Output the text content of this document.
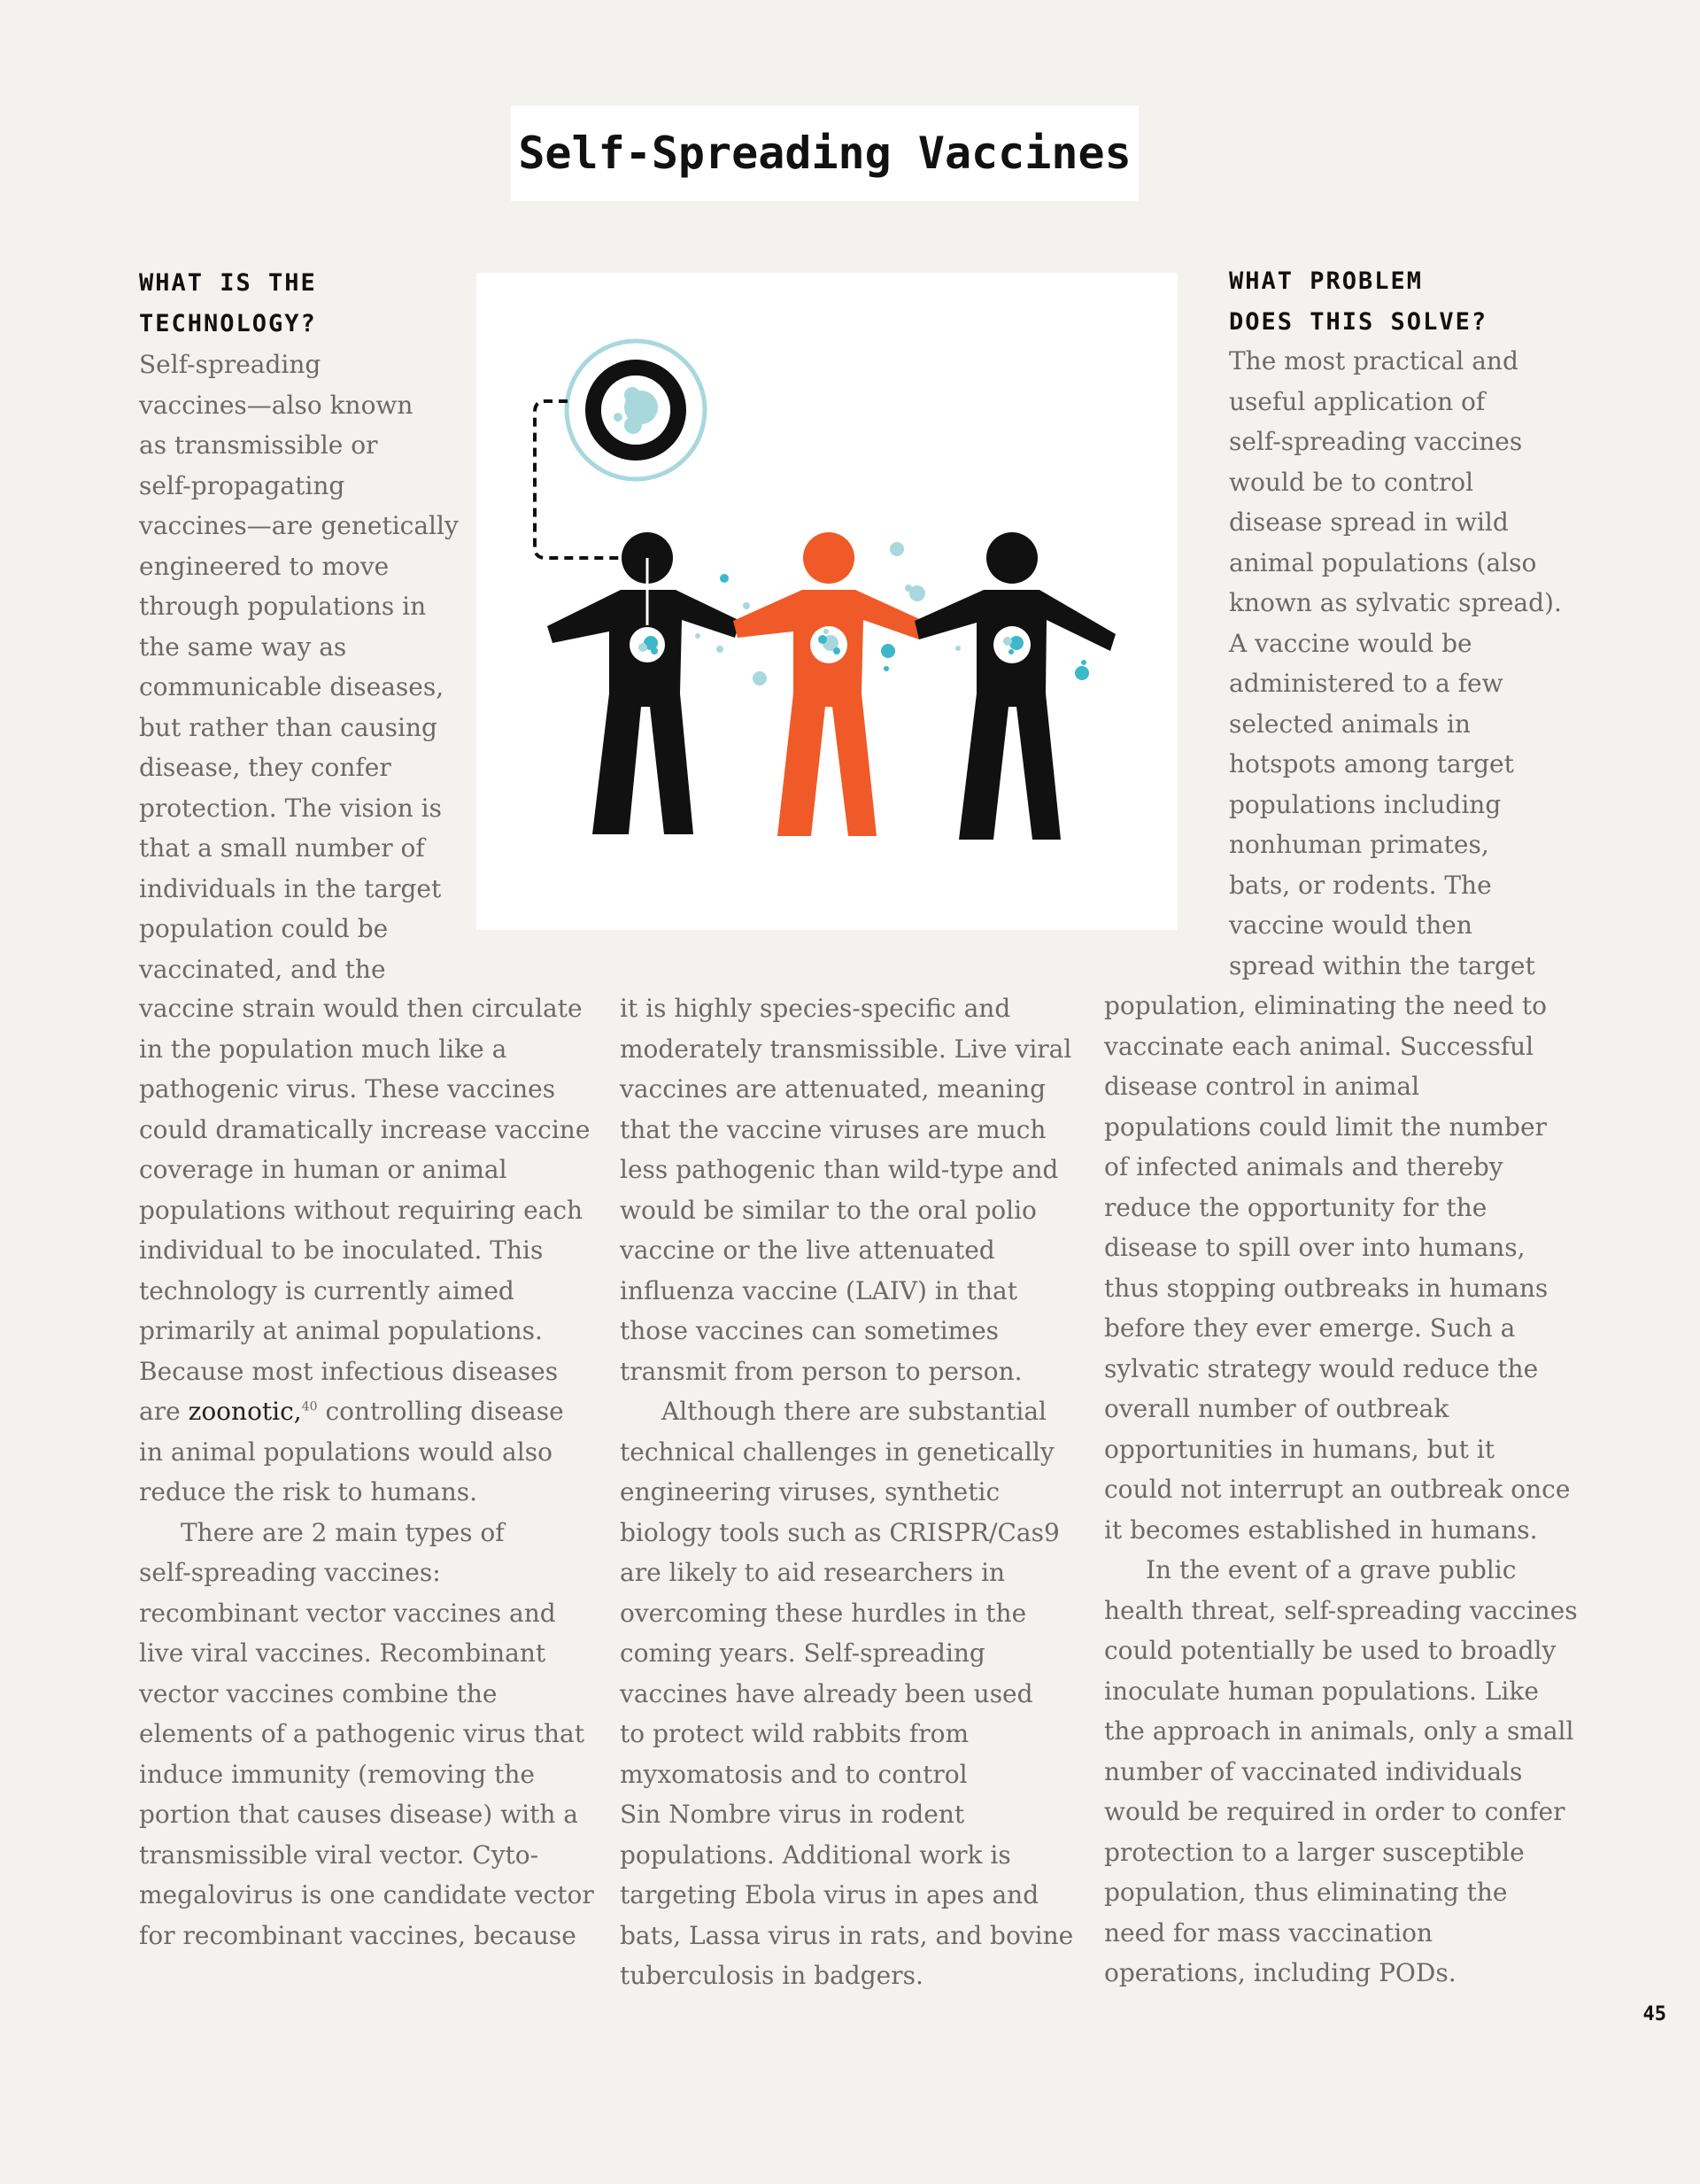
Self-Spreading Vaccines
WHAT IS THE
TECHNOLOGY?
WHAT PROBLEM
DOES THIS SOLVE?
Self-spreading
vaccines—also known
as transmissible or
self-propagating
vaccines—are genetically
engineered to move
through populations in
the same way as
communicable diseases,
but rather than causing
disease, they confer
protection. The vision is
that a small number of
individuals in the target
population could be
vaccinated, and the
vaccine strain would then circulate
in the population much like a
pathogenic virus. These vaccines
could dramatically increase vaccine
coverage in human or animal
populations without requiring each
individual to be inoculated. This
technology is currently aimed
primarily at animal populations.
Because most infectious diseases
are zoonotic,$^{40}$ controlling disease
in animal populations would also
reduce the risk to humans.
There are 2 main types of
self-spreading vaccines:
recombinant vector vaccines and
live viral vaccines. Recombinant
vector vaccines combine the
elements of a pathogenic virus that
induce immunity (removing the
portion that causes disease) with a
transmissible viral vector. Cyto-
megalovirus is one candidate vector
for recombinant vaccines, because
it is highly species-specific and
moderately transmissible. Live viral
vaccines are attenuated, meaning
that the vaccine viruses are much
less pathogenic than wild-type and
would be similar to the oral polio
vaccine or the live attenuated
influenza vaccine (LAIV) in that
those vaccines can sometimes
transmit from person to person.
Although there are substantial
technical challenges in genetically
engineering viruses, synthetic
biology tools such as CRISPR/Cas9
are likely to aid researchers in
overcoming these hurdles in the
coming years. Self-spreading
vaccines have already been used
to protect wild rabbits from
myxomatosis and to control
Sin Nombre virus in rodent
populations. Additional work is
targeting Ebola virus in apes and
bats, Lassa virus in rats, and bovine
tuberculosis in badgers.
The most practical and
useful application of
self-spreading vaccines
would be to control
disease spread in wild
animal populations (also
known as sylvatic spread).
A vaccine would be
administered to a few
selected animals in
hotspots among target
populations including
nonhuman primates,
bats, or rodents. The
vaccine would then
spread within the target
population, eliminating the need to
vaccinate each animal. Successful
disease control in animal
populations could limit the number
of infected animals and thereby
reduce the opportunity for the
disease to spill over into humans,
thus stopping outbreaks in humans
before they ever emerge. Such a
sylvatic strategy would reduce the
overall number of outbreak
opportunities in humans, but it
could not interrupt an outbreak once
it becomes established in humans.
In the event of a grave public
health threat, self-spreading vaccines
could potentially be used to broadly
inoculate human populations. Like
the approach in animals, only a small
number of vaccinated individuals
would be required in order to confer
protection to a larger susceptible
population, thus eliminating the
need for mass vaccination
operations, including PODs.
45
